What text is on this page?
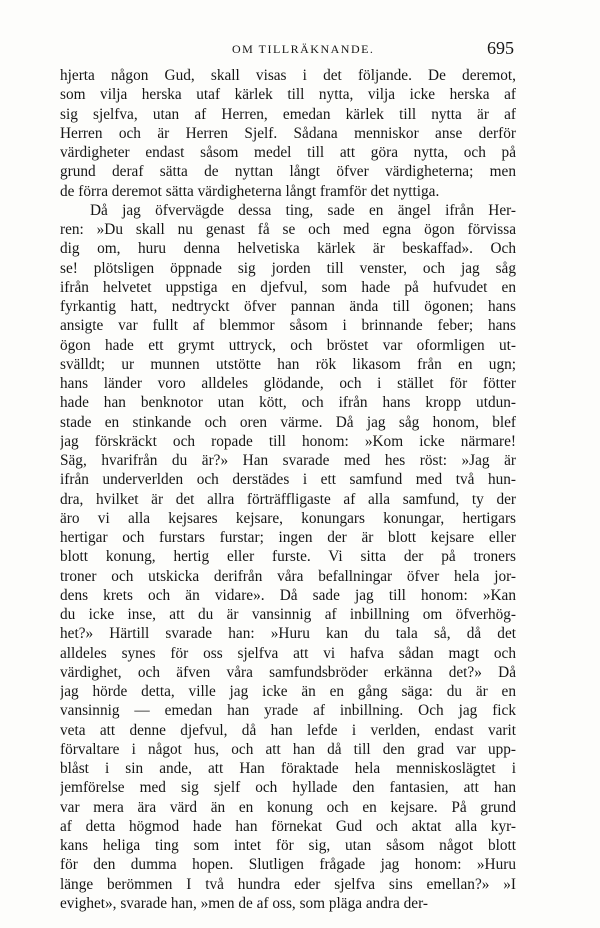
OM TILLRÄKNANDE.	695
hjerta någon Gud, skall visas i det följande. De deremot,
som vilja herska utaf kärlek till nytta, vilja icke herska af
sig sjelfva, utan af Herren, emedan kärlek till nytta är af
Herren och är Herren Sjelf. Sådana menniskor anse derför
värdigheter endast såsom medel till att göra nytta, och på
grund deraf sätta de nyttan långt öfver värdigheterna; men
de förra deremot sätta värdigheterna långt framför det nyttiga.
Då jag öfvervägde dessa ting, sade en ängel ifrån Her-
ren: »Du skall nu genast få se och med egna ögon förvissa
dig om, huru denna helvetiska kärlek är beskaffad». Och
se! plötsligen öppnade sig jorden till venster, och jag såg
ifrån helvetet uppstiga en djefvul, som hade på hufvudet en
fyrkantig hatt, nedtryckt öfver pannan ända till ögonen; hans
ansigte var fullt af blemmor såsom i brinnande feber; hans
ögon hade ett grymt uttryck, och bröstet var oformligen ut-
svälldt; ur munnen utstötte han rök likasom från en ugn;
hans länder voro alldeles glödande, och i stället för fötter
hade han benknotor utan kött, och ifrån hans kropp utdun-
stade en stinkande och oren värme. Då jag såg honom, blef
jag förskräckt och ropade till honom: »Kom icke närmare!
Säg, hvarifrån du är?» Han svarade med hes röst: »Jag är
ifrån underverlden och derstädes i ett samfund med två hun-
dra, hvilket är det allra förträffligaste af alla samfund, ty der
äro vi alla kejsares kejsare, konungars konungar, hertigars
hertigar och furstars furstar; ingen der är blott kejsare eller
blott konung, hertig eller furste. Vi sitta der på troners
troner och utskicka derifrån våra befallningar öfver hela jor-
dens krets och än vidare». Då sade jag till honom: »Kan
du icke inse, att du är vansinnig af inbillning om öfverhög-
het?» Härtill svarade han: »Huru kan du tala så, då det
alldeles synes för oss sjelfva att vi hafva sådan magt och
värdighet, och äfven våra samfundsbröder erkänna det?» Då
jag hörde detta, ville jag icke än en gång säga: du är en
vansinnig — emedan han yrade af inbillning. Och jag fick
veta att denne djefvul, då han lefde i verlden, endast varit
förvaltare i något hus, och att han då till den grad var upp-
blåst i sin ande, att Han föraktade hela menniskoslägtet i
jemförelse med sig sjelf och hyllade den fantasien, att han
var mera ära värd än en konung och en kejsare. På grund
af detta högmod hade han förnekat Gud och aktat alla kyr-
kans heliga ting som intet för sig, utan såsom något blott
för den dumma hopen. Slutligen frågade jag honom: »Huru
länge berömmen I två hundra eder sjelfva sins emellan?» »I
evighet», svarade han, »men de af oss, som pläga andra der-
